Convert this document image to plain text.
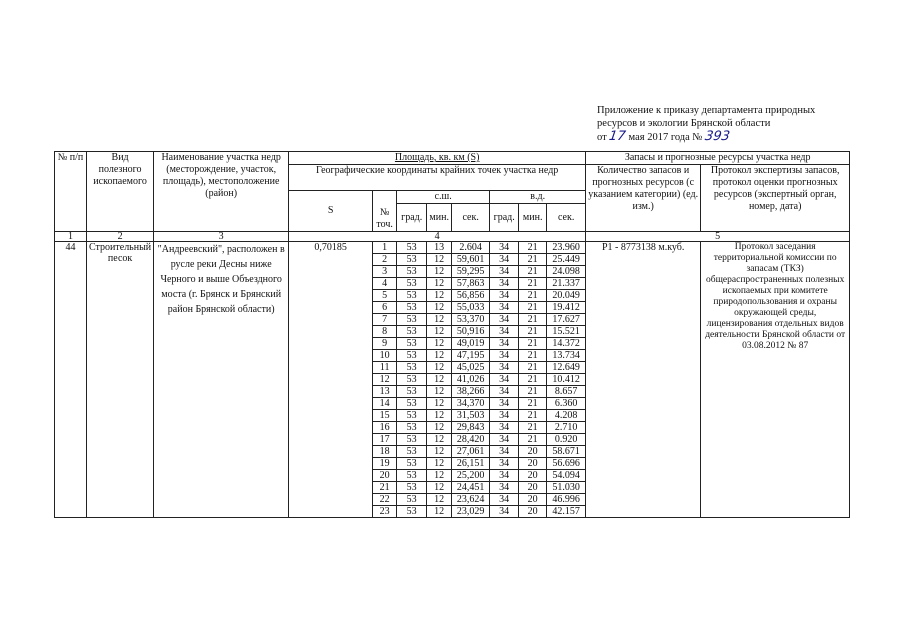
Приложение к приказу департамента природных
ресурсов и экологии Брянской области
от 17 мая 2017 года № 393
№ п/п	Вид полезного ископаемого	Наименование участка недр (месторождение, участок, площадь), местоположение (район)	Площадь, кв. км (S)								Запасы и прогнозные ресурсы участка недр	
			Географические координаты крайних точек участка недр								Количество запасов и прогнозных ресурсов (с указанием категории) (ед. изм.)	Протокол экспертизы запасов, протокол оценки прогнозных ресурсов (экспертный орган, номер, дата)
			S	№ точ.	с.ш.			в.д.				
					град.	мин.	сек.	град.	мин.	сек.		
1	2	3	4								5	
44	Строительный песок	"Андреевский", расположен в русле реки Десны ниже Черного и выше Объездного моста (г. Брянск и Брянский район Брянской области)	0,70185	1	53	13	2.604	34	21	23.960	P1 - 8773138 м.куб.	Протокол заседания территориальной комиссии по запасам (ТКЗ) общераспространенных полезных ископаемых при комитете природопользования и охраны окружающей среды, лицензирования отдельных видов деятельности Брянской области от 03.08.2012 № 87
				2	53	12	59,601	34	21	25.449		
				3	53	12	59,295	34	21	24.098		
				4	53	12	57,863	34	21	21.337		
				5	53	12	56,856	34	21	20.049		
				6	53	12	55,033	34	21	19.412		
				7	53	12	53,370	34	21	17.627		
				8	53	12	50,916	34	21	15.521		
				9	53	12	49,019	34	21	14.372		
				10	53	12	47,195	34	21	13.734		
				11	53	12	45,025	34	21	12.649		
				12	53	12	41,026	34	21	10.412		
				13	53	12	38,266	34	21	8.657		
				14	53	12	34,370	34	21	6.360		
				15	53	12	31,503	34	21	4.208		
				16	53	12	29,843	34	21	2.710		
				17	53	12	28,420	34	21	0.920		
				18	53	12	27,061	34	20	58.671		
				19	53	12	26,151	34	20	56.696		
				20	53	12	25,200	34	20	54.094		
				21	53	12	24,451	34	20	51.030		
				22	53	12	23,624	34	20	46.996		
				23	53	12	23,029	34	20	42.157		
